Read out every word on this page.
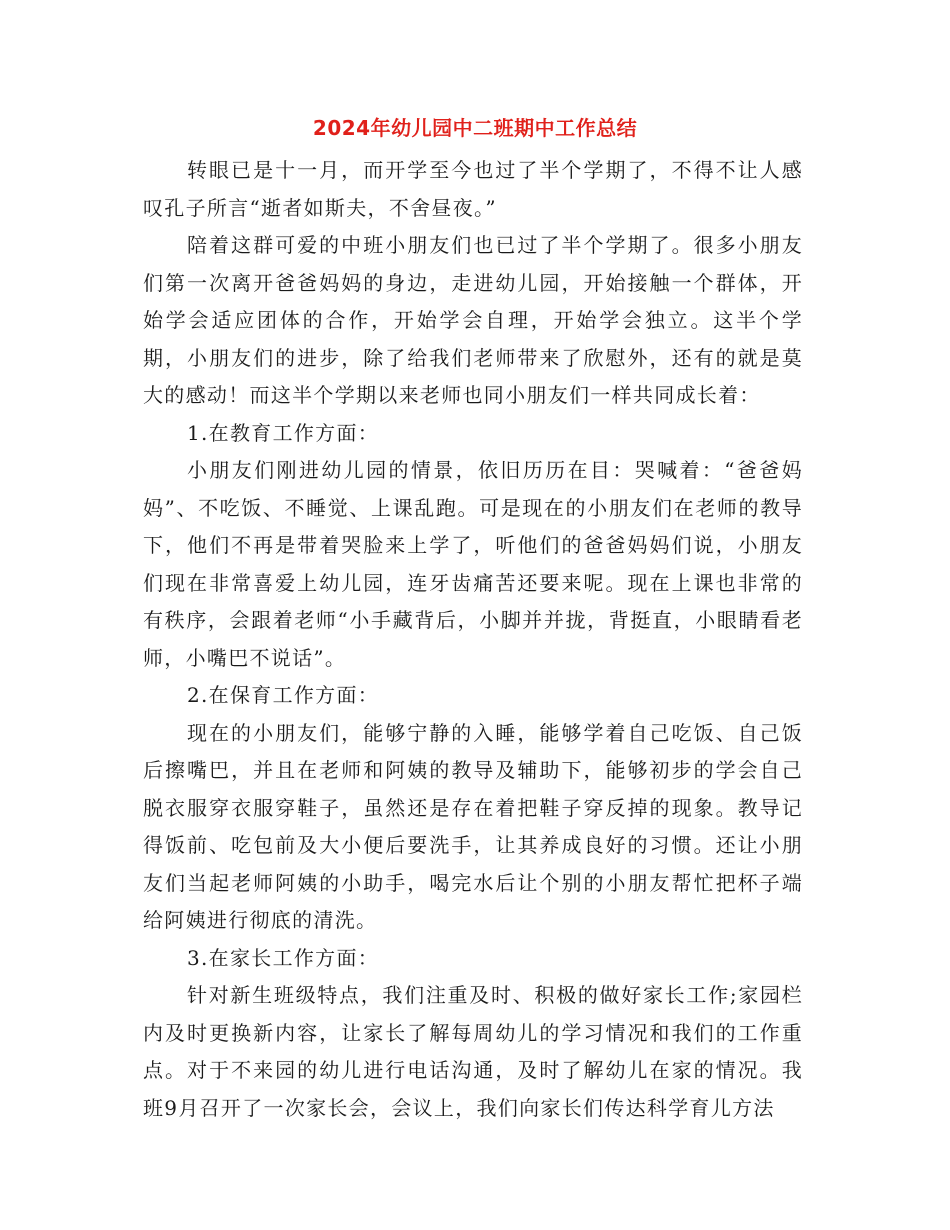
2024年幼儿园中二班期中工作总结

转眼已是十一月，而开学至今也过了半个学期了，不得不让人感叹孔子所言“逝者如斯夫，不舍昼夜。”

陪着这群可爱的中班小朋友们也已过了半个学期了。很多小朋友们第一次离开爸爸妈妈的身边，走进幼儿园，开始接触一个群体，开始学会适应团体的合作，开始学会自理，开始学会独立。这半个学期，小朋友们的进步，除了给我们老师带来了欣慰外，还有的就是莫大的感动！而这半个学期以来老师也同小朋友们一样共同成长着：

1.在教育工作方面：

小朋友们刚进幼儿园的情景，依旧历历在目：哭喊着：“爸爸妈妈”、不吃饭、不睡觉、上课乱跑。可是现在的小朋友们在老师的教导下，他们不再是带着哭脸来上学了，听他们的爸爸妈妈们说，小朋友们现在非常喜爱上幼儿园，连牙齿痛苦还要来呢。现在上课也非常的有秩序，会跟着老师“小手藏背后，小脚并并拢，背挺直，小眼睛看老师，小嘴巴不说话”。

2.在保育工作方面：

现在的小朋友们，能够宁静的入睡，能够学着自己吃饭、自己饭后擦嘴巴，并且在老师和阿姨的教导及辅助下，能够初步的学会自己脱衣服穿衣服穿鞋子，虽然还是存在着把鞋子穿反掉的现象。教导记得饭前、吃包前及大小便后要洗手，让其养成良好的习惯。还让小朋友们当起老师阿姨的小助手，喝完水后让个别的小朋友帮忙把杯子端给阿姨进行彻底的清洗。

3.在家长工作方面：

针对新生班级特点，我们注重及时、积极的做好家长工作;家园栏内及时更换新内容，让家长了解每周幼儿的学习情况和我们的工作重点。对于不来园的幼儿进行电话沟通，及时了解幼儿在家的情况。我班9月召开了一次家长会，会议上，我们向家长们传达科学育儿方法
